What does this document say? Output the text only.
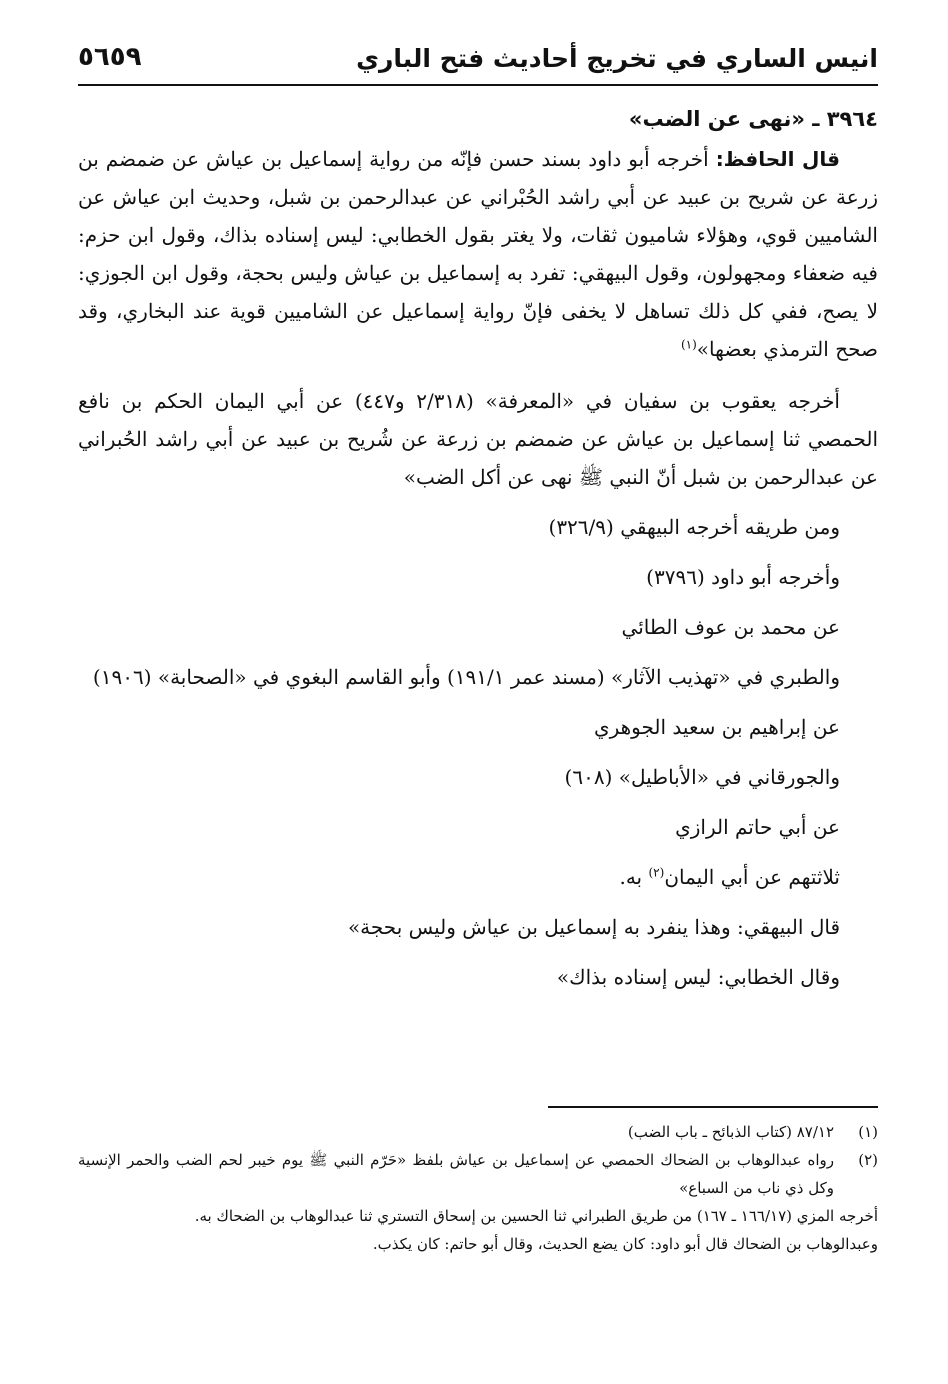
انيس الساري في تخريج أحاديث فتح الباري
٥٦٥٩

٣٩٦٤ ـ «نهى عن الضب»

قال الحافظ: أخرجه أبو داود بسند حسن فإنّه من رواية إسماعيل بن عياش عن ضمضم بن زرعة عن شريح بن عبيد عن أبي راشد الحُبْراني عن عبدالرحمن بن شبل، وحديث ابن عياش عن الشاميين قوي، وهؤلاء شاميون ثقات، ولا يغتر بقول الخطابي: ليس إسناده بذاك، وقول ابن حزم: فيه ضعفاء ومجهولون، وقول البيهقي: تفرد به إسماعيل بن عياش وليس بحجة، وقول ابن الجوزي: لا يصح، ففي كل ذلك تساهل لا يخفى فإنّ رواية إسماعيل عن الشاميين قوية عند البخاري، وقد صحح الترمذي بعضها»$^{(١)}$

أخرجه يعقوب بن سفيان في «المعرفة» (٢/٣١٨ و٤٤٧) عن أبي اليمان الحكم بن نافع الحمصي ثنا إسماعيل بن عياش عن ضمضم بن زرعة عن شُريح بن عبيد عن أبي راشد الحُبراني عن عبدالرحمن بن شبل أنّ النبي ﷺ نهى عن أكل الضب»

ومن طريقه أخرجه البيهقي (٣٢٦/٩)

وأخرجه أبو داود (٣٧٩٦)

عن محمد بن عوف الطائي

والطبري في «تهذيب الآثار» (مسند عمر ١٩١/١) وأبو القاسم البغوي في «الصحابة» (١٩٠٦)

عن إبراهيم بن سعيد الجوهري

والجورقاني في «الأباطيل» (٦٠٨)

عن أبي حاتم الرازي

ثلاثتهم عن أبي اليمان$^{(٢)}$ به.

قال البيهقي: وهذا ينفرد به إسماعيل بن عياش وليس بحجة»

وقال الخطابي: ليس إسناده بذاك»

(١)
٨٧/١٢ (كتاب الذبائح ـ باب الضب)
(٢)
رواه عبدالوهاب بن الضحاك الحمصي عن إسماعيل بن عياش بلفظ «حَرّم النبي ﷺ يوم خيبر لحم الضب والحمر الإنسية وكل ذي ناب من السباع»
أخرجه المزي (١٦٦/١٧ ـ ١٦٧) من طريق الطبراني ثنا الحسين بن إسحاق التستري ثنا عبدالوهاب بن الضحاك به.
وعبدالوهاب بن الضحاك قال أبو داود: كان يضع الحديث، وقال أبو حاتم: كان يكذب.
